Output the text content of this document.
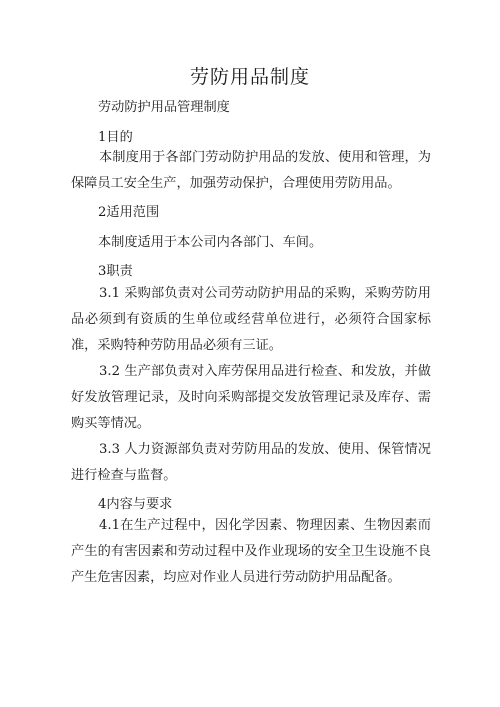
劳防用品制度
劳动防护用品管理制度
1目的
本制度用于各部门劳动防护用品的发放、使用和管理，为保障员工安全生产，加强劳动保护，合理使用劳防用品。
2适用范围
本制度适用于本公司内各部门、车间。
3职责
3.1 采购部负责对公司劳动防护用品的采购，采购劳防用品必须到有资质的生单位或经营单位进行，必须符合国家标准，采购特种劳防用品必须有三证。
3.2 生产部负责对入库劳保用品进行检查、和发放，并做好发放管理记录，及时向采购部提交发放管理记录及库存、需购买等情况。
3.3 人力资源部负责对劳防用品的发放、使用、保管情况进行检查与监督。
4内容与要求
4.1在生产过程中，因化学因素、物理因素、生物因素而产生的有害因素和劳动过程中及作业现场的安全卫生设施不良产生危害因素，均应对作业人员进行劳动防护用品配备。
